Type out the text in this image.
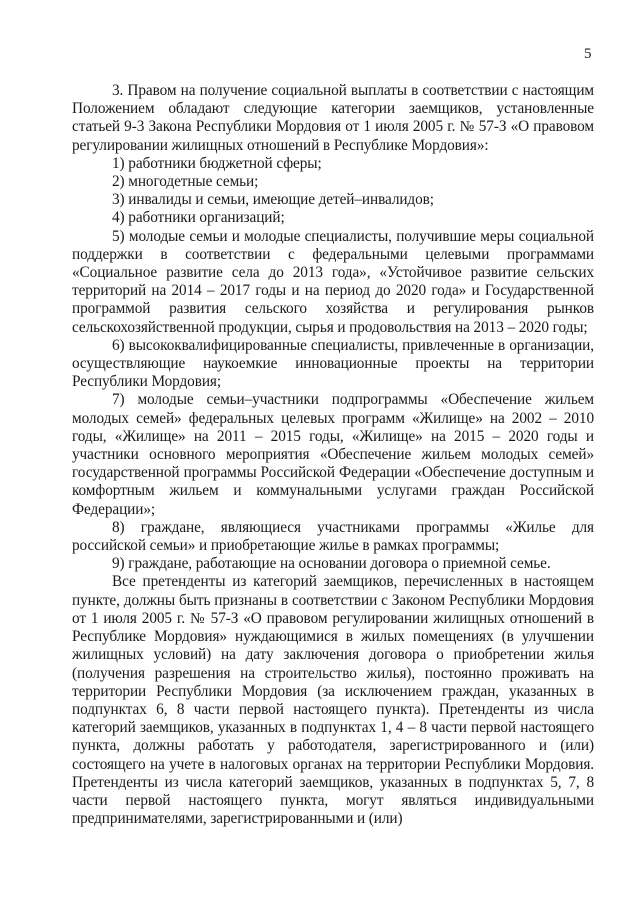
5

3. Правом на получение социальной выплаты в соответствии с настоящим Положением обладают следующие категории заемщиков, установленные статьей 9-3 Закона Республики Мордовия от 1 июля 2005 г. № 57-З «О правовом регулировании жилищных отношений в Республике Мордовия»:

1) работники бюджетной сферы;

2) многодетные семьи;

3) инвалиды и семьи, имеющие детей–инвалидов;

4) работники организаций;

5) молодые семьи и молодые специалисты, получившие меры социальной поддержки в соответствии с федеральными целевыми программами «Социальное развитие села до 2013 года», «Устойчивое развитие сельских территорий на 2014 – 2017 годы и на период до 2020 года» и Государственной программой развития сельского хозяйства и регулирования рынков сельскохозяйственной продукции, сырья и продовольствия на 2013 – 2020 годы;

6) высококвалифицированные специалисты, привлеченные в организации, осуществляющие наукоемкие инновационные проекты на территории Республики Мордовия;

7) молодые семьи–участники подпрограммы «Обеспечение жильем молодых семей» федеральных целевых программ «Жилище» на 2002 – 2010 годы, «Жилище» на 2011 – 2015 годы, «Жилище» на 2015 – 2020 годы и участники основного мероприятия «Обеспечение жильем молодых семей» государственной программы Российской Федерации «Обеспечение доступным и комфортным жильем и коммунальными услугами граждан Российской Федерации»;

8) граждане, являющиеся участниками программы «Жилье для российской семьи» и приобретающие жилье в рамках программы;

9) граждане, работающие на основании договора о приемной семье.

Все претенденты из категорий заемщиков, перечисленных в настоящем пункте, должны быть признаны в соответствии с Законом Республики Мордовия от 1 июля 2005 г. № 57-З «О правовом регулировании жилищных отношений в Республике Мордовия» нуждающимися в жилых помещениях (в улучшении жилищных условий) на дату заключения договора о приобретении жилья (получения разрешения на строительство жилья), постоянно проживать на территории Республики Мордовия (за исключением граждан, указанных в подпунктах 6, 8 части первой настоящего пункта). Претенденты из числа категорий заемщиков, указанных в подпунктах 1, 4 – 8 части первой настоящего пункта, должны работать у работодателя, зарегистрированного и (или) состоящего на учете в налоговых органах на территории Республики Мордовия. Претенденты из числа категорий заемщиков, указанных в подпунктах 5, 7, 8 части первой настоящего пункта, могут являться индивидуальными предпринимателями, зарегистрированными и (или)
